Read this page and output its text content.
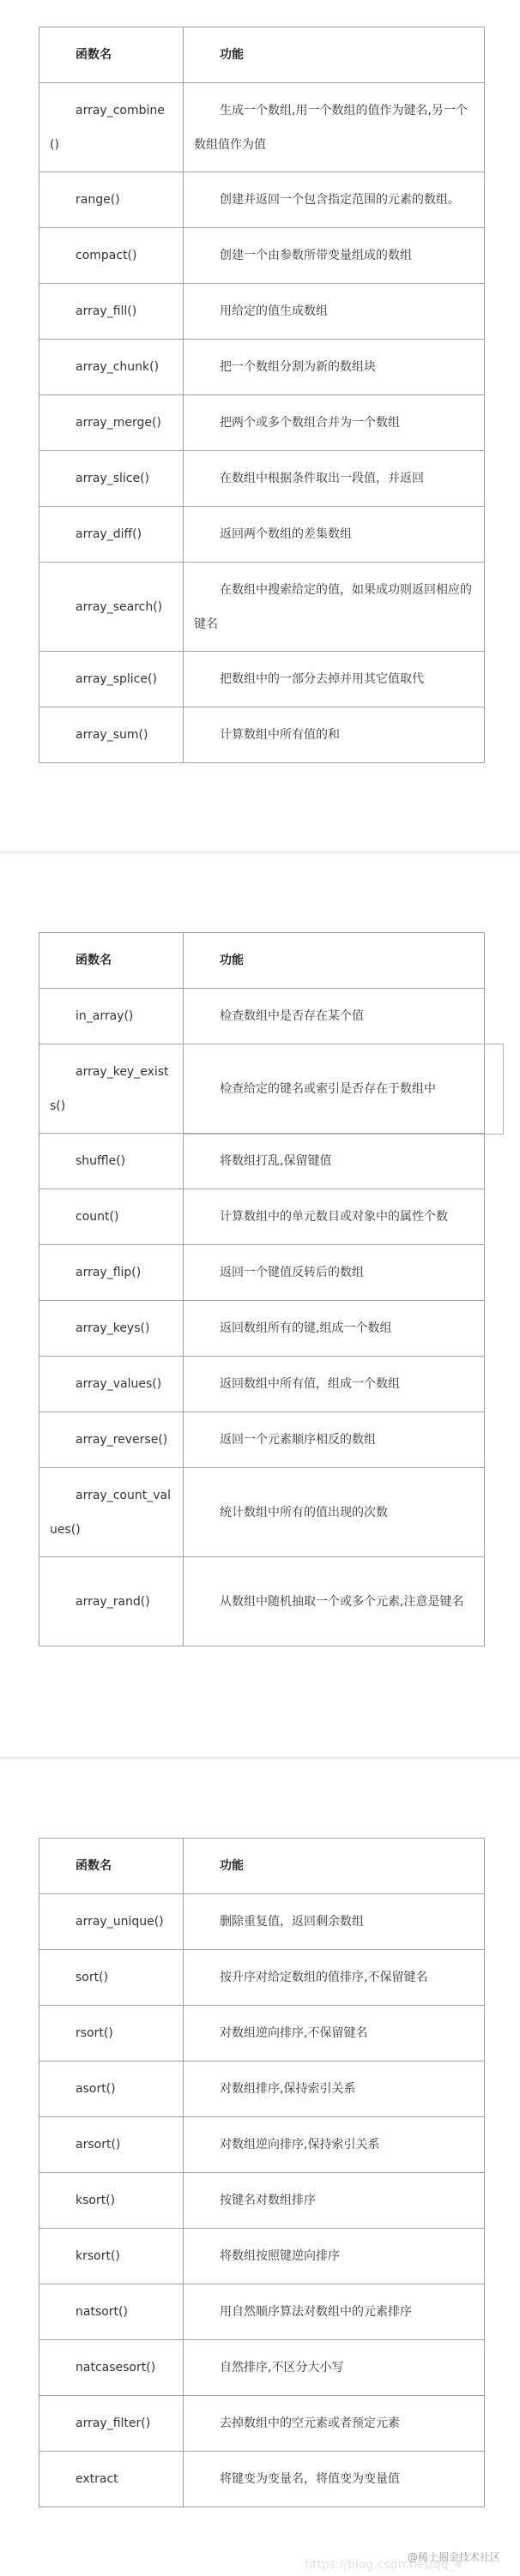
函数名	功能
array_combine()	生成一个数组,用一个数组的值作为键名,另一个数组值作为值
range()	创建并返回一个包含指定范围的元素的数组。
compact()	创建一个由参数所带变量组成的数组
array_fill()	用给定的值生成数组
array_chunk()	把一个数组分割为新的数组块
array_merge()	把两个或多个数组合并为一个数组
array_slice()	在数组中根据条件取出一段值，并返回
array_diff()	返回两个数组的差集数组
array_search()	在数组中搜索给定的值，如果成功则返回相应的键名
array_splice()	把数组中的一部分去掉并用其它值取代
array_sum()	计算数组中所有值的和
函数名	功能
in_array()	检查数组中是否存在某个值
array_key_exists()	检查给定的键名或索引是否存在于数组中
shuffle()	将数组打乱,保留键值
count()	计算数组中的单元数目或对象中的属性个数
array_flip()	返回一个键值反转后的数组
array_keys()	返回数组所有的键,组成一个数组
array_values()	返回数组中所有值，组成一个数组
array_reverse()	返回一个元素顺序相反的数组
array_count_values()	统计数组中所有的值出现的次数
array_rand()	从数组中随机抽取一个或多个元素,注意是键名
函数名	功能
array_unique()	删除重复值，返回剩余数组
sort()	按升序对给定数组的值排序,不保留键名
rsort()	对数组逆向排序,不保留键名
asort()	对数组排序,保持索引关系
arsort()	对数组逆向排序,保持索引关系
ksort()	按键名对数组排序
krsort()	将数组按照键逆向排序
natsort()	用自然顺序算法对数组中的元素排序
natcasesort()	自然排序,不区分大小写
array_filter()	去掉数组中的空元素或者预定元素
extract	将键变为变量名，将值变为变量值
https://blog.csdn.net/qq_4
@稀土掘金技术社区
